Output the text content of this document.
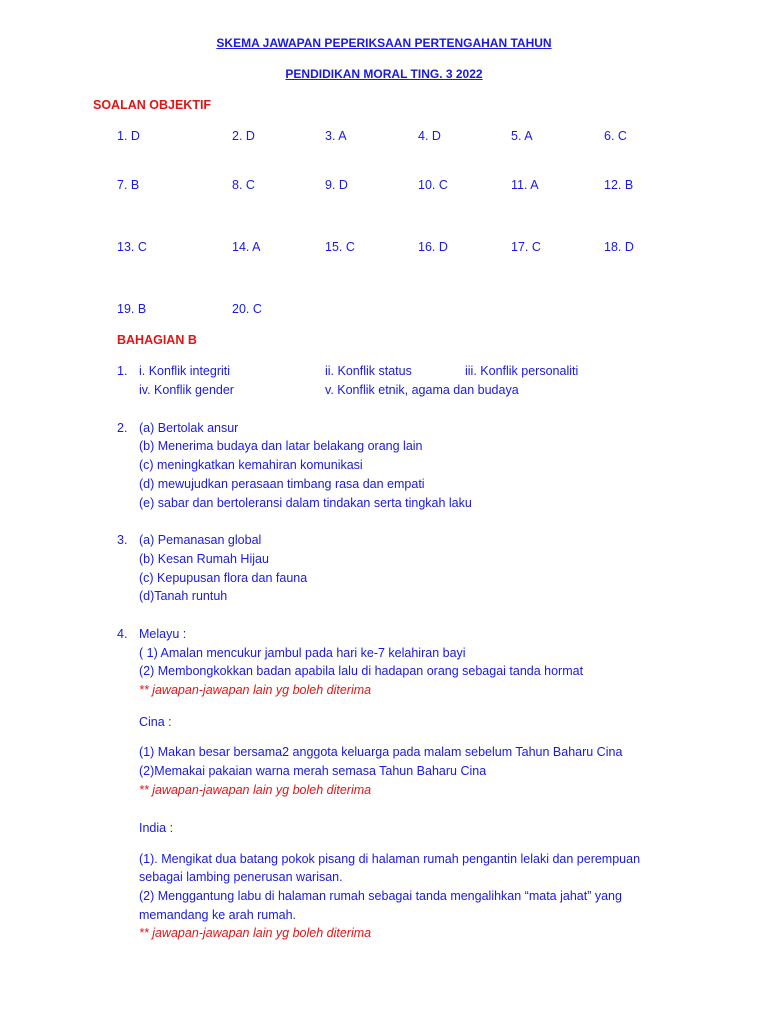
SKEMA JAWAPAN PEPERIKSAAN PERTENGAHAN TAHUN
PENDIDIKAN MORAL TING. 3 2022
SOALAN OBJEKTIF
1. D	2. D	3. A	4. D	5. A	6. C
7. B	8. C	9. D	10. C	11. A	12. B
13. C	14. A	15. C	16. D	17. C	18. D
19. B	20. C
BAHAGIAN B
1. i. Konflik integriti	ii. Konflik status	iii. Konflik personaliti
iv. Konflik gender	v. Konflik etnik, agama dan budaya
2. (a) Bertolak ansur
(b) Menerima budaya dan latar belakang orang lain
(c) meningkatkan kemahiran komunikasi
(d) mewujudkan perasaan timbang rasa dan empati
(e) sabar dan bertoleransi dalam tindakan serta tingkah laku
3. (a) Pemanasan global
(b) Kesan Rumah Hijau
(c) Kepupusan flora dan fauna
(d)Tanah runtuh
4. Melayu :
( 1) Amalan mencukur jambul pada hari ke-7 kelahiran bayi
(2) Membongkokkan badan apabila lalu di hadapan orang sebagai tanda hormat
** jawapan-jawapan lain yg boleh diterima
Cina :
(1) Makan besar bersama2 anggota keluarga pada malam sebelum Tahun Baharu Cina
(2)Memakai pakaian warna merah semasa Tahun Baharu Cina
** jawapan-jawapan lain yg boleh diterima
India :
(1). Mengikat dua batang pokok pisang di halaman rumah pengantin lelaki dan perempuan
sebagai lambing penerusan warisan.
(2) Menggantung labu di halaman rumah sebagai tanda mengalihkan “mata jahat” yang
memandang ke arah rumah.
** jawapan-jawapan lain yg boleh diterima
